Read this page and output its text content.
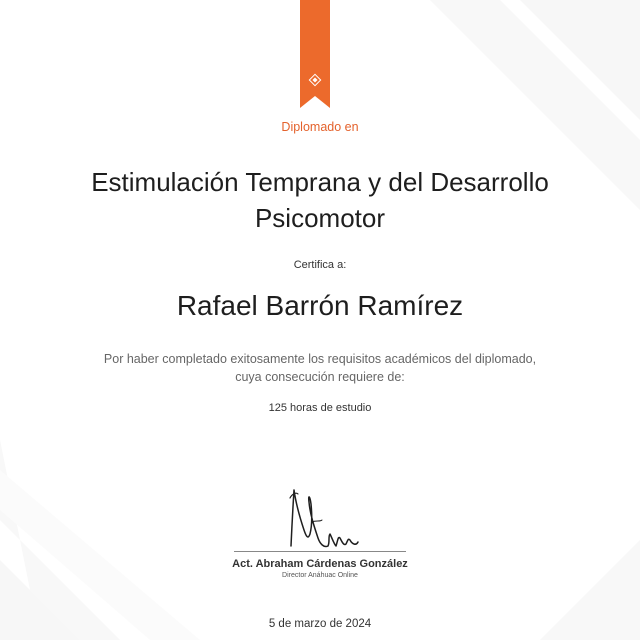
Diplomado en
Estimulación Temprana y del Desarrollo
Psicomotor
Certifica a:
Rafael Barrón Ramírez
Por haber completado exitosamente los requisitos académicos del diplomado,
cuya consecución requiere de:
125 horas de estudio
Act. Abraham Cárdenas González
Director Anáhuac Online
5 de marzo de 2024
